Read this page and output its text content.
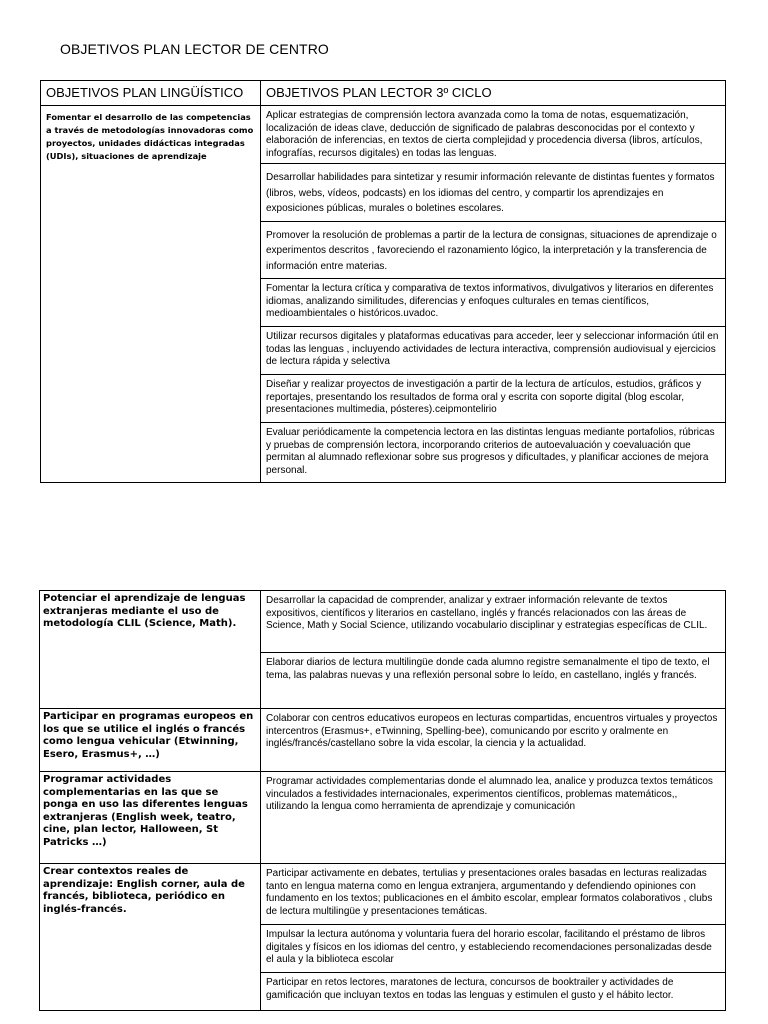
OBJETIVOS PLAN LECTOR DE CENTRO
OBJETIVOS PLAN LINGÜÍSTICO	OBJETIVOS PLAN LECTOR 3º CICLO
Fomentar el desarrollo de las competencias a través de metodologías innovadoras como proyectos, unidades didácticas integradas (UDIs), situaciones de aprendizaje	Aplicar estrategias de comprensión lectora avanzada como la toma de notas, esquematización, localización de ideas clave, deducción de significado de palabras desconocidas por el contexto y elaboración de inferencias, en textos de cierta complejidad y procedencia diversa (libros, artículos, infografías, recursos digitales) en todas las lenguas.
	Desarrollar habilidades para sintetizar y resumir información relevante de distintas fuentes y formatos (libros, webs, vídeos, podcasts) en los idiomas del centro, y compartir los aprendizajes en exposiciones públicas, murales o boletines escolares.
	Promover la resolución de problemas a partir de la lectura de consignas, situaciones de aprendizaje o experimentos descritos , favoreciendo el razonamiento lógico, la interpretación y la transferencia de información entre materias.
	Fomentar la lectura crítica y comparativa de textos informativos, divulgativos y literarios en diferentes idiomas, analizando similitudes, diferencias y enfoques culturales en temas científicos, medioambientales o históricos.uvadoc.
	Utilizar recursos digitales y plataformas educativas para acceder, leer y seleccionar información útil en todas las lenguas , incluyendo actividades de lectura interactiva, comprensión audiovisual y ejercicios de lectura rápida y selectiva
	Diseñar y realizar proyectos de investigación a partir de la lectura de artículos, estudios, gráficos y reportajes, presentando los resultados de forma oral y escrita con soporte digital (blog escolar, presentaciones multimedia, pósteres).ceipmontelirio
	Evaluar periódicamente la competencia lectora en las distintas lenguas mediante portafolios, rúbricas y pruebas de comprensión lectora, incorporando criterios de autoevaluación y coevaluación que permitan al alumnado reflexionar sobre sus progresos y dificultades, y planificar acciones de mejora personal.
Potenciar el aprendizaje de lenguas extranjeras mediante el uso de metodología CLIL (Science, Math).	Desarrollar la capacidad de comprender, analizar y extraer información relevante de textos expositivos, científicos y literarios en castellano, inglés y francés relacionados con las áreas de Science, Math y Social Science, utilizando vocabulario disciplinar y estrategias específicas de CLIL.
	Elaborar diarios de lectura multilingüe donde cada alumno registre semanalmente el tipo de texto, el tema, las palabras nuevas y una reflexión personal sobre lo leído, en castellano, inglés y francés.
Participar en programas europeos en los que se utilice el inglés o francés como lengua vehicular (Etwinning, Esero, Erasmus+, …)	Colaborar con centros educativos europeos en lecturas compartidas, encuentros virtuales y proyectos intercentros (Erasmus+, eTwinning, Spelling-bee), comunicando por escrito y oralmente en inglés/francés/castellano sobre la vida escolar, la ciencia y la actualidad.
Programar actividades complementarias en las que se ponga en uso las diferentes lenguas extranjeras (English week, teatro, cine, plan lector, Halloween, St Patricks …)	Programar actividades complementarias donde el alumnado lea, analice y produzca textos temáticos vinculados a festividades internacionales, experimentos científicos, problemas matemáticos,, utilizando la lengua como herramienta de aprendizaje y comunicación
Crear contextos reales de aprendizaje: English corner, aula de francés, biblioteca, periódico en inglés-francés.	Participar activamente en debates, tertulias y presentaciones orales basadas en lecturas realizadas tanto en lengua materna como en lengua extranjera, argumentando y defendiendo opiniones con fundamento en los textos; publicaciones en el ámbito escolar, emplear formatos colaborativos , clubs de lectura multilingüe y presentaciones temáticas.
	Impulsar la lectura autónoma y voluntaria fuera del horario escolar, facilitando el préstamo de libros digitales y físicos en los idiomas del centro, y estableciendo recomendaciones personalizadas desde el aula y la biblioteca escolar
	Participar en retos lectores, maratones de lectura, concursos de booktrailer y actividades de gamificación que incluyan textos en todas las lenguas y estimulen el gusto y el hábito lector.
